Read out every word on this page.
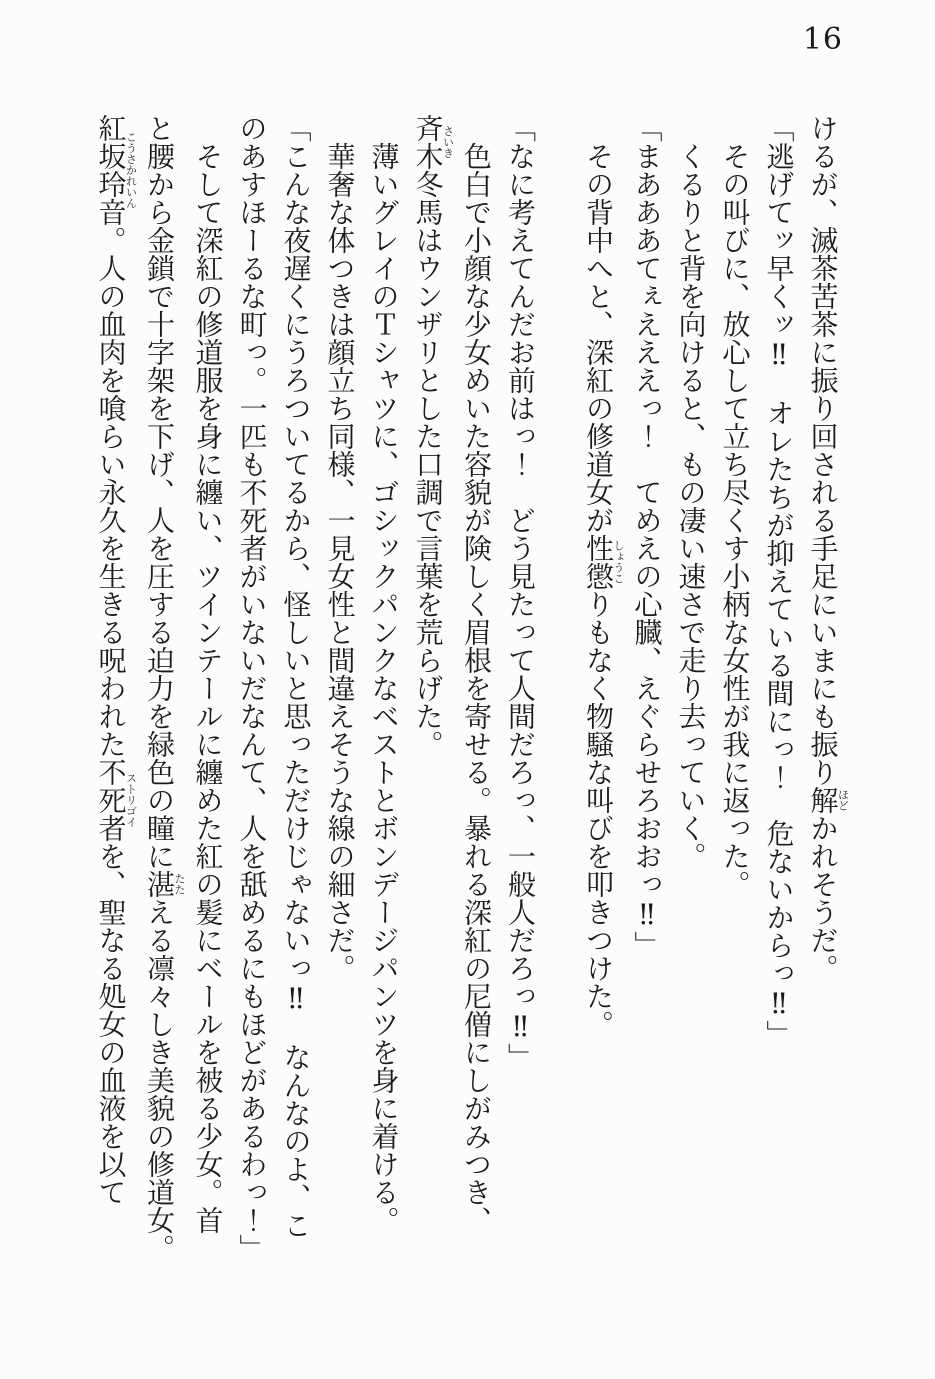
16

けるが、滅茶苦茶に振り回される手足にいまにも振り解ほどかれそうだ。

「逃げてッ早くッ‼　オレたちが抑えている間にっ！　危ないからっ‼」

その叫びに、放心して立ち尽くす小柄な女性が我に返った。

くるりと背を向けると、もの凄い速さで走り去っていく。

「まあああてぇえええっ！　てめえの心臓、えぐらせろおおっ‼」

その背中へと、深紅の修道女が性懲しょうこりもなく物騒な叫びを叩きつけた。

「なに考えてんだお前はっ！　どう見たって人間だろっ、一般人だろっ‼」

色白で小顔な少女めいた容貌が険しく眉根を寄せる。暴れる深紅の尼僧にしがみつき、

斉木さいき冬馬はウンザリとした口調で言葉を荒らげた。

薄いグレイのＴシャツに、ゴシックパンクなベストとボンデージパンツを身に着ける。

華奢な体つきは顔立ち同様、一見女性と間違えそうな線の細さだ。

「こんな夜遅くにうろついてるから、怪しいと思っただけじゃないっ‼　なんなのよ、こ

のあすほーるな町っ。一匹も不死者がいないだなんて、人を舐めるにもほどがあるわっ！」

そして深紅の修道服を身に纏い、ツインテールに纏めた紅の髪にベールを被る少女。首

と腰から金鎖で十字架を下げ、人を圧する迫力を緑色の瞳に湛たたえる凛々しき美貌の修道女。

紅坂玲音こうさかれいん。人の血肉を喰らい永久を生きる呪われた不死者ストリゴイを、聖なる処女の血液を以て
